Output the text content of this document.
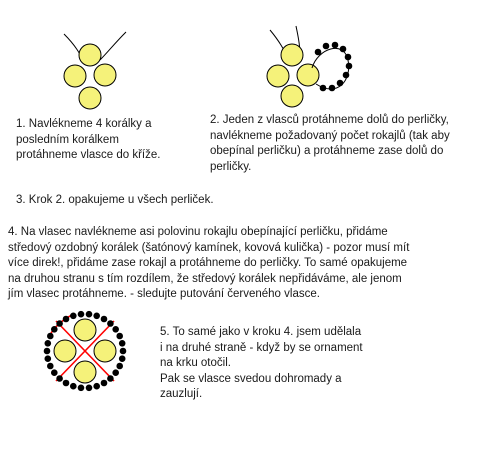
1. Navlékneme 4 korálky a
posledním korálkem
protáhneme vlasce do kříže.

2. Jeden z vlasců protáhneme dolů do perličky,
navlékneme požadovaný počet rokajlů (tak aby
obepínal perličku) a protáhneme zase dolů do
perličky.

3. Krok 2. opakujeme u všech perliček.

4. Na vlasec navlékneme asi polovinu rokajlu obepínající perličku, přidáme
středový ozdobný korálek (šatónový kamínek, kovová kulička) - pozor musí mít
více direk!, přidáme zase rokajl a protáhneme do perličky. To samé opakujeme
na druhou stranu s tím rozdílem, že středový korálek nepřidáváme, ale jenom
jím vlasec protáhneme. - sledujte putování červeného vlasce.

5. To samé jako v kroku 4. jsem udělala
i na druhé straně - když by se ornament
na krku otočil.
Pak se vlasce svedou dohromady a
zauzlují.
